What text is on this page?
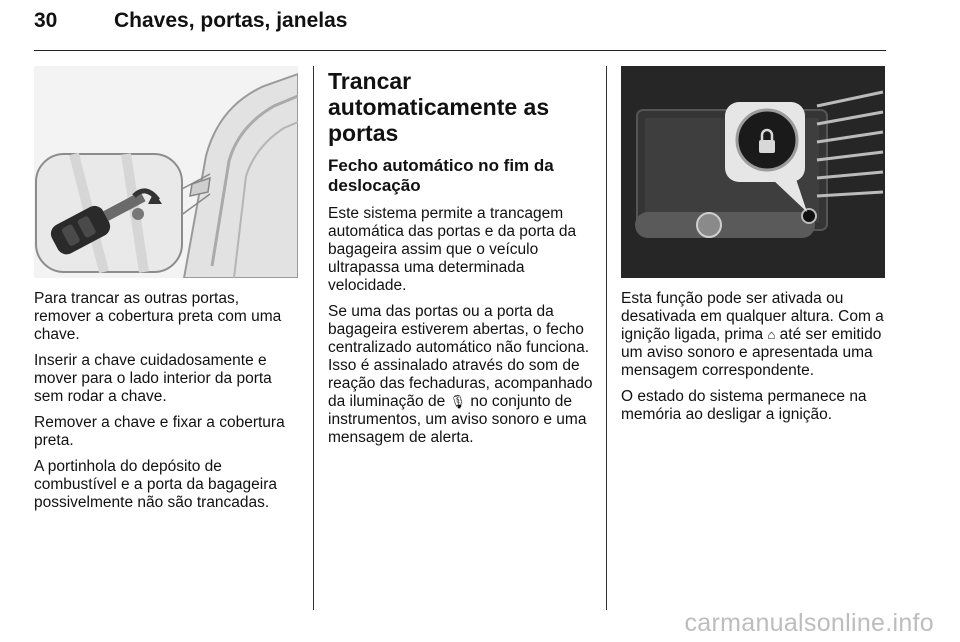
30	Chaves, portas, janelas

Para trancar as outras portas, remover a cobertura preta com uma chave.

Inserir a chave cuidadosamente e mover para o lado interior da porta sem rodar a chave.

Remover a chave e fixar a cobertura preta.

A portinhola do depósito de combustível e a porta da bagageira possivelmente não são trancadas.

Trancar automaticamente as portas
Fecho automático no fim da deslocação

Este sistema permite a trancagem automática das portas e da porta da bagageira assim que o veículo ultrapassa uma determinada velocidade.

Se uma das portas ou a porta da bagageira estiverem abertas, o fecho centralizado automático não funciona. Isso é assinalado através do som de reação das fechaduras, acompanhado da iluminação de 🎙 no conjunto de instrumentos, um aviso sonoro e uma mensagem de alerta.

Esta função pode ser ativada ou desativada em qualquer altura. Com a ignição ligada, prima ⌂ até ser emitido um aviso sonoro e apresentada uma mensagem correspondente.

O estado do sistema permanece na memória ao desligar a ignição.

carmanualsonline.info
